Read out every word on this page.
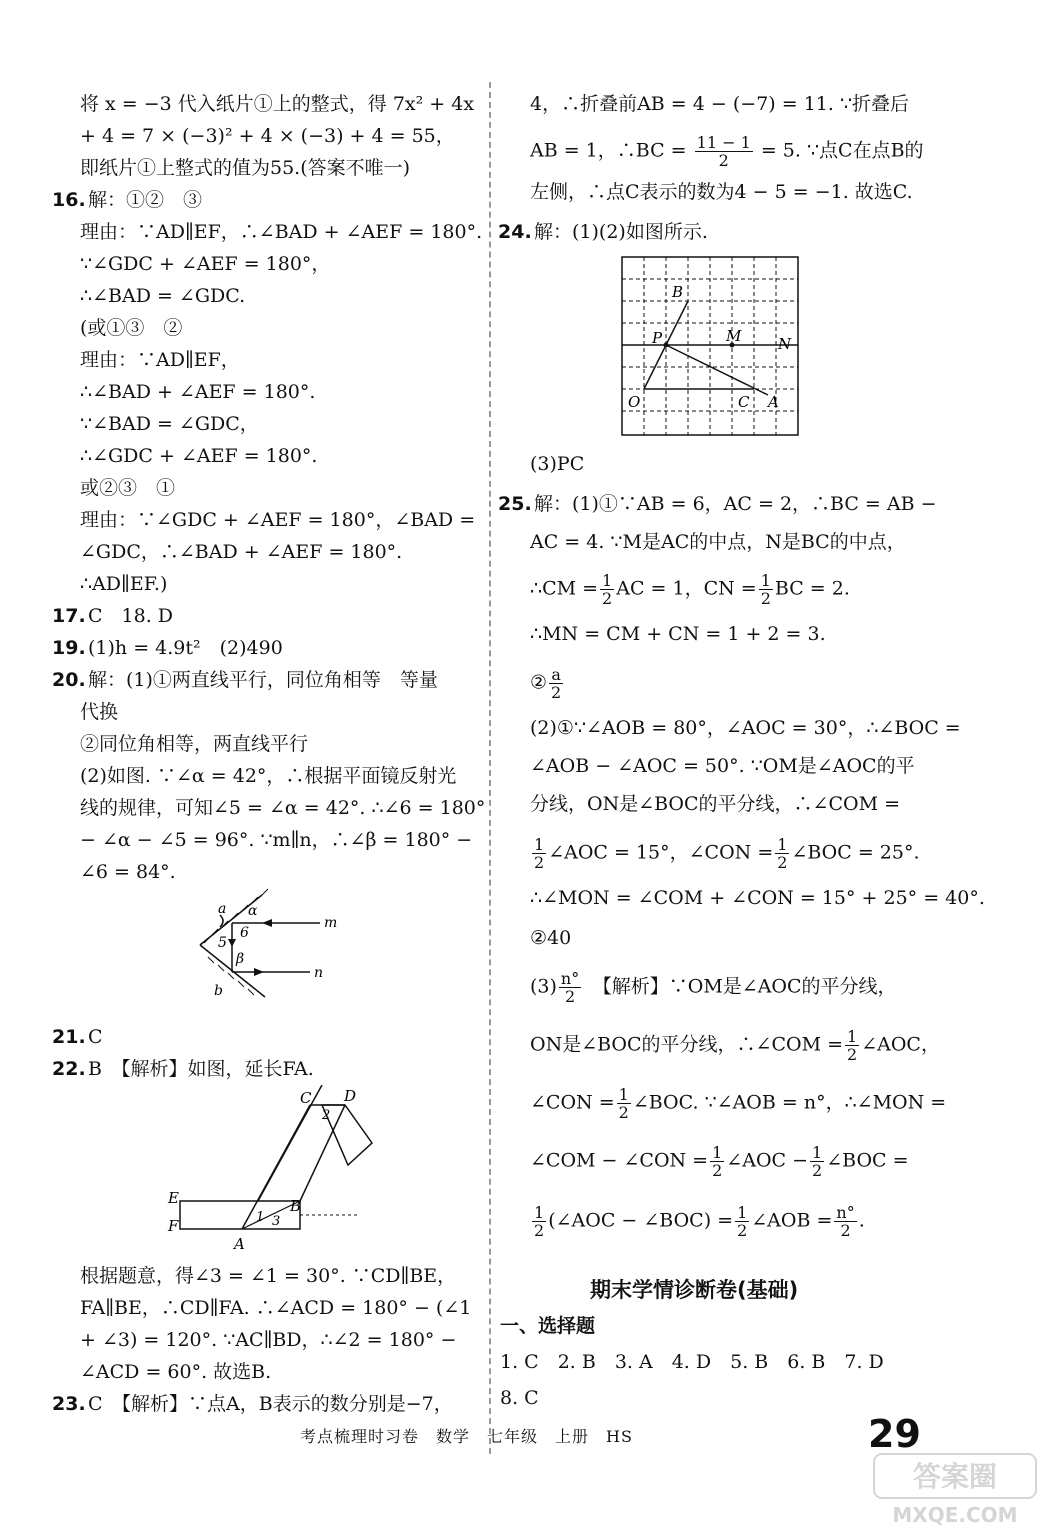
将 x = −3 代入纸片①上的整式，得 7x² + 4x
+ 4 = 7 × (−3)² + 4 × (−3) + 4 = 55，
即纸片①上整式的值为55.(答案不唯一)
16. 解：①②　③
理由：∵AD∥EF，∴∠BAD + ∠AEF = 180°.
∵∠GDC + ∠AEF = 180°，
∴∠BAD = ∠GDC.
(或①③　②
理由：∵AD∥EF，
∴∠BAD + ∠AEF = 180°.
∵∠BAD = ∠GDC，
∴∠GDC + ∠AEF = 180°.
或②③　①
理由：∵∠GDC + ∠AEF = 180°，∠BAD =
∠GDC，∴∠BAD + ∠AEF = 180°.
∴AD∥EF.)
17. C　18. D
19. (1)h = 4.9t²　(2)490
20. 解：(1)①两直线平行，同位角相等　等量
代换
②同位角相等，两直线平行
(2)如图. ∵∠α = 42°，∴根据平面镜反射光
线的规律，可知∠5 = ∠α = 42°. ∴∠6 = 180°
− ∠α − ∠5 = 96°. ∵m∥n，∴∠β = 180° −
∠6 = 84°.
a α
6
5
β
b
m
n
21. C
22. B　【解析】如图，延长FA.
C D
2
E
F
A
B
1 3
根据题意，得∠3 = ∠1 = 30°. ∵CD∥BE，
FA∥BE，∴CD∥FA. ∴∠ACD = 180° − (∠1
+ ∠3) = 120°. ∵AC∥BD，∴∠2 = 180° −
∠ACD = 60°. 故选B.
23. C　【解析】∵点A，B表示的数分别是−7，
4，∴折叠前AB = 4 − (−7) = 11. ∵折叠后
AB = 1，∴BC = $\frac{11 - 1}{2} = 5$. ∵点C在点B的
左侧，∴点C表示的数为4 − 5 = −1. 故选C.
24. 解：(1)(2)如图所示.
B
P	M N
O	C A
(3)PC
25. 解：(1)①∵AB = 6，AC = 2，∴BC = AB −
AC = 4. ∵M是AC的中点，N是BC的中点，
∴CM = $\frac{1}{2}$ AC = 1，CN = $\frac{1}{2}$ BC = 2.
∴MN = CM + CN = 1 + 2 = 3.
② $\frac{a}{2}$
(2)①∵∠AOB = 80°，∠AOC = 30°，∴∠BOC =
∠AOB − ∠AOC = 50°. ∵OM是∠AOC的平
分线，ON是∠BOC的平分线，∴∠COM =
$\frac{1}{2}$ ∠AOC = 15°，∠CON = $\frac{1}{2}$ ∠BOC = 25°.
∴∠MON = ∠COM + ∠CON = 15° + 25° = 40°.
②40
$(3) \frac{n^\circ}{2}$
　 【解析】∵OM是∠AOC的平分线，
ON是∠BOC的平分线，∴∠COM = $\frac{1}{2}$ ∠AOC，
∠CON = $\frac{1}{2}$ ∠BOC. ∵∠AOB = n°，∴∠MON =
∠COM − ∠CON = $\frac{1}{2}$ ∠AOC − $\frac{1}{2}$ ∠BOC =
$\frac{1}{2}$ (∠AOC − ∠BOC) = $\frac{1}{2}$ ∠AOB = $\frac{n^\circ}{2}$ .
一、选择题
1. C　2. B　3. A　4. D　5. B　6. B　7. D
8. C
期末学情诊断卷(基础)
考点梳理时习卷　数学　七年级　上册　HS	29
答案圈
MXQE.COM
